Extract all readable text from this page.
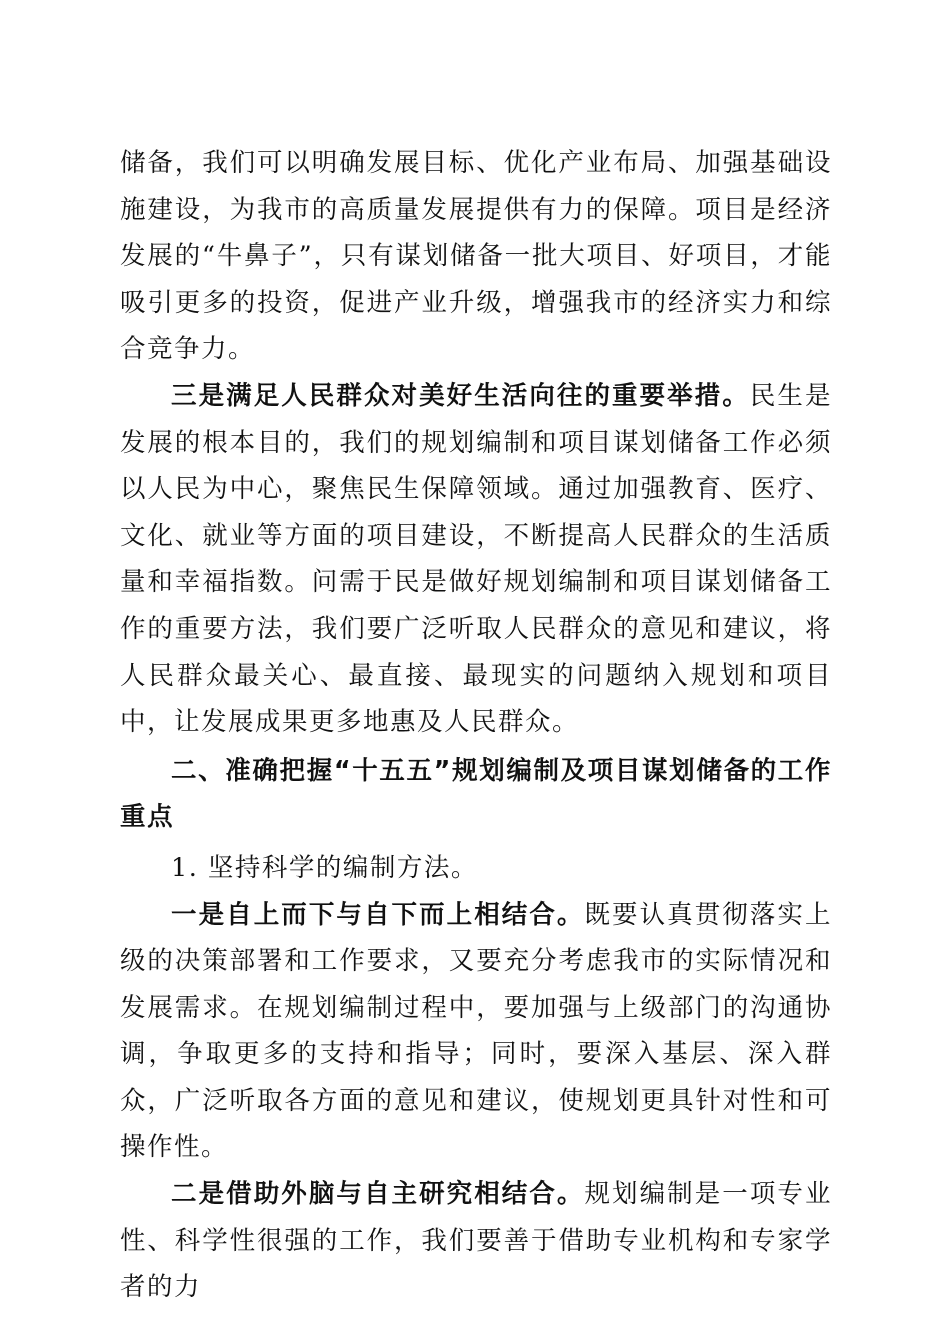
储备，我们可以明确发展目标、优化产业布局、加强基础设施建设，为我市的高质量发展提供有力的保障。项目是经济发展的“牛鼻子”，只有谋划储备一批大项目、好项目，才能吸引更多的投资，促进产业升级，增强我市的经济实力和综合竞争力。

三是满足人民群众对美好生活向往的重要举措。民生是发展的根本目的，我们的规划编制和项目谋划储备工作必须以人民为中心，聚焦民生保障领域。通过加强教育、医疗、文化、就业等方面的项目建设，不断提高人民群众的生活质量和幸福指数。问需于民是做好规划编制和项目谋划储备工作的重要方法，我们要广泛听取人民群众的意见和建议，将人民群众最关心、最直接、最现实的问题纳入规划和项目中，让发展成果更多地惠及人民群众。

二、准确把握“十五五”规划编制及项目谋划储备的工作重点

1. 坚持科学的编制方法。

一是自上而下与自下而上相结合。既要认真贯彻落实上级的决策部署和工作要求，又要充分考虑我市的实际情况和发展需求。在规划编制过程中，要加强与上级部门的沟通协调，争取更多的支持和指导；同时，要深入基层、深入群众，广泛听取各方面的意见和建议，使规划更具针对性和可操作性。

二是借助外脑与自主研究相结合。规划编制是一项专业性、科学性很强的工作，我们要善于借助专业机构和专家学者的力
